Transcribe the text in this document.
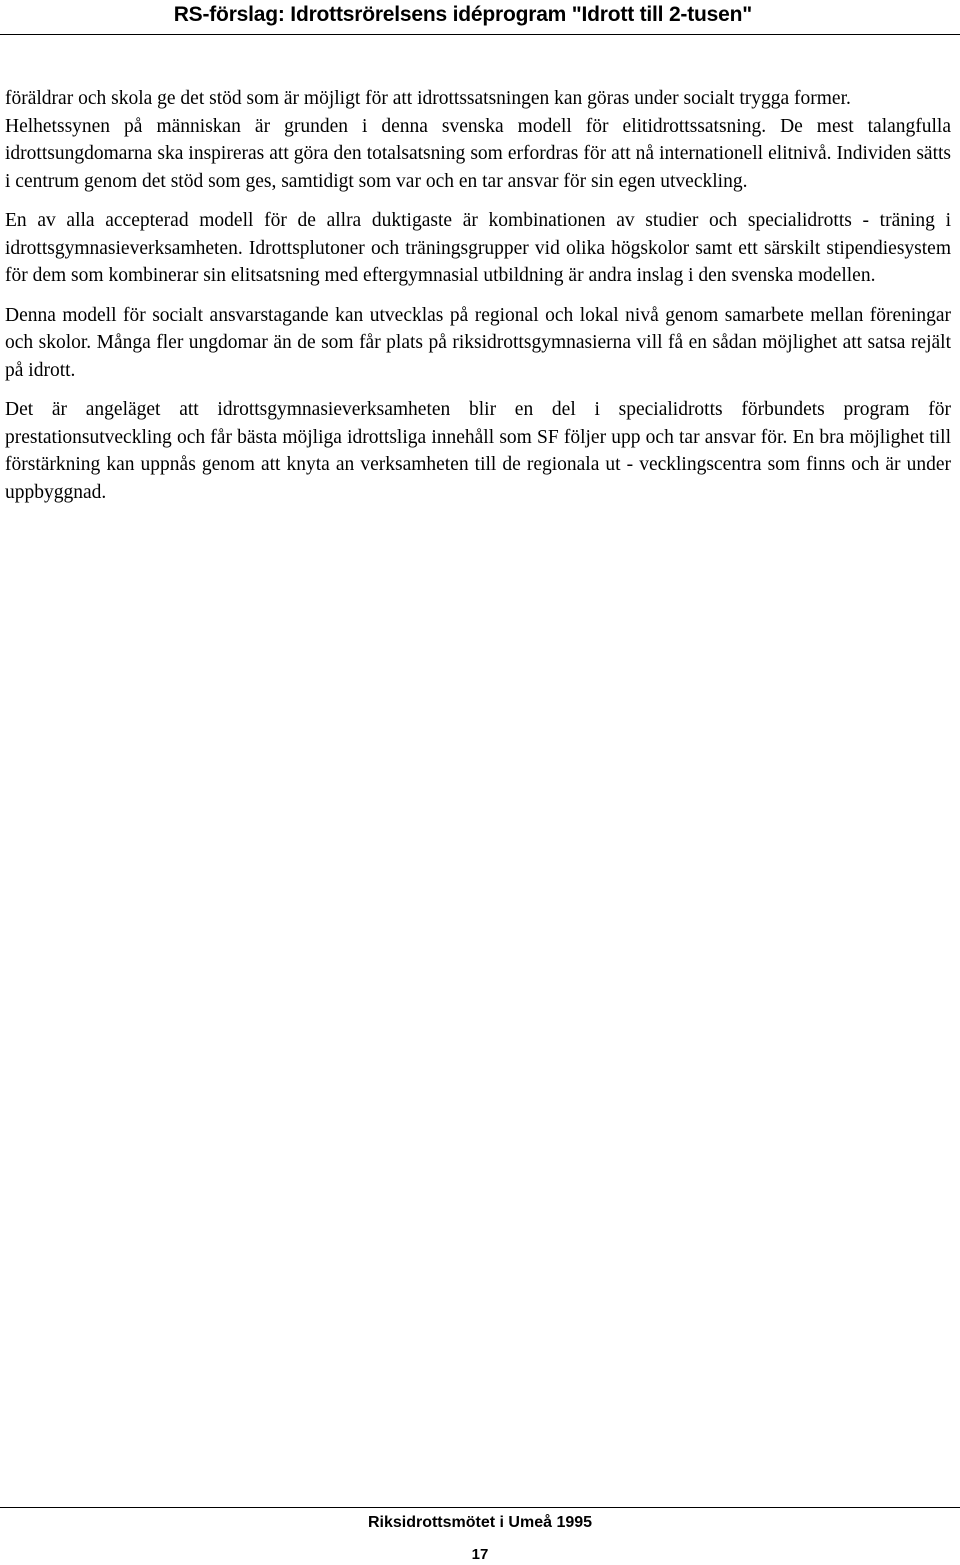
RS-förslag: Idrottsrörelsens idéprogram "Idrott till 2-tusen"

föräldrar och skola ge det stöd som är möjligt för att idrottssatsningen kan göras under socialt trygga former.

Helhetssynen på människan är grunden i denna svenska modell för elitidrottssatsning. De mest talangfulla idrottsungdomarna ska inspireras att göra den totalsatsning som erfordras för att nå internationell elitnivå. Individen sätts i centrum genom det stöd som ges, samtidigt som var och en tar ansvar för sin egen utveckling.

En av alla accepterad modell för de allra duktigaste är kombinationen av studier och specialidrotts - träning i idrottsgymnasieverksamheten. Idrottsplutoner och träningsgrupper vid olika högskolor samt ett särskilt stipendiesystem för dem som kombinerar sin elitsatsning med eftergymnasial utbildning är andra inslag i den svenska modellen.

Denna modell för socialt ansvarstagande kan utvecklas på regional och lokal nivå genom samarbete mellan föreningar och skolor. Många fler ungdomar än de som får plats på riksidrottsgymnasierna vill få en sådan möjlighet att satsa rejält på idrott.

Det är angeläget att idrottsgymnasieverksamheten blir en del i specialidrotts förbundets program för prestationsutveckling och får bästa möjliga idrottsliga innehåll som SF följer upp och tar ansvar för. En bra möjlighet till förstärkning kan uppnås genom att knyta an verksamheten till de regionala ut - vecklingscentra som finns och är under uppbyggnad.

Riksidrottsmötet i Umeå 1995
17
